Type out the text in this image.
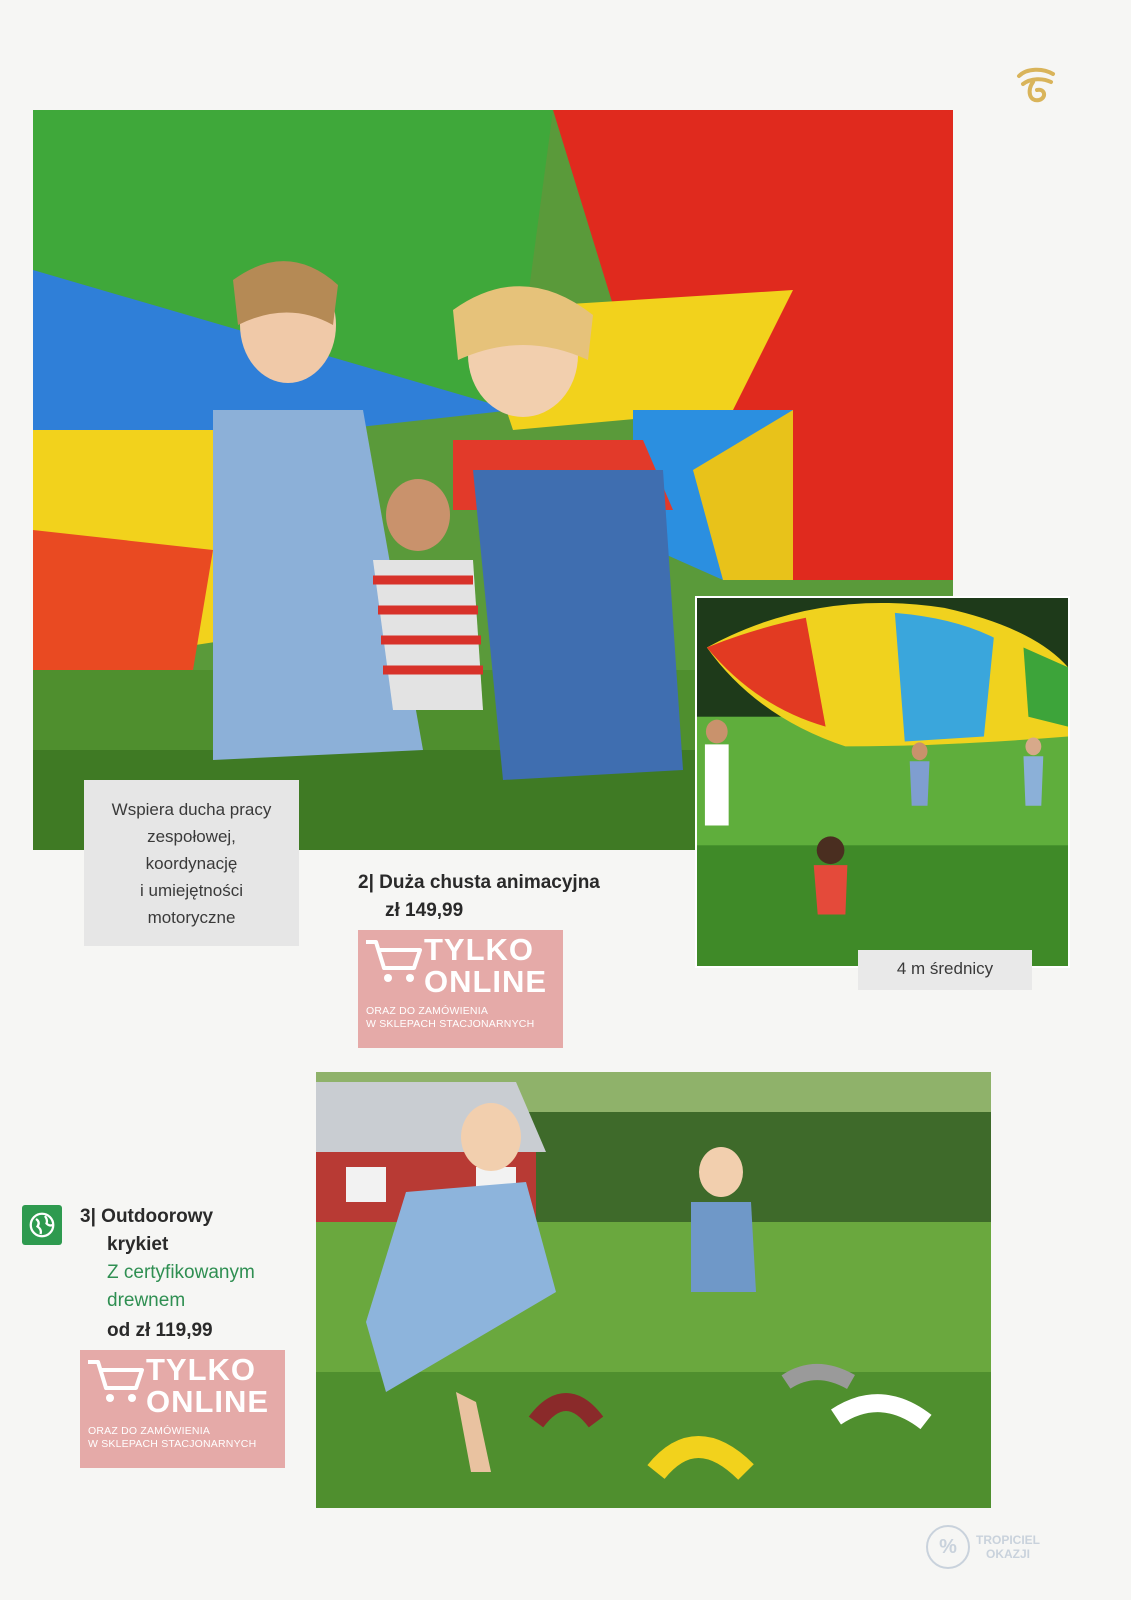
Wspiera ducha pracy
zespołowej,
koordynację
i umiejętności
motoryczne
4 m średnicy
2| Duża chusta animacyjna
zł 149,99
TYLKO
ONLINE
ORAZ DO ZAMÓWIENIA
W SKLEPACH STACJONARNYCH
3| Outdoorowy
krykiet
Z certyfikowanym
drewnem
od zł 119,99
TYLKO
ONLINE
ORAZ DO ZAMÓWIENIA
W SKLEPACH STACJONARNYCH
%	TROPICIEL
OKAZJI
